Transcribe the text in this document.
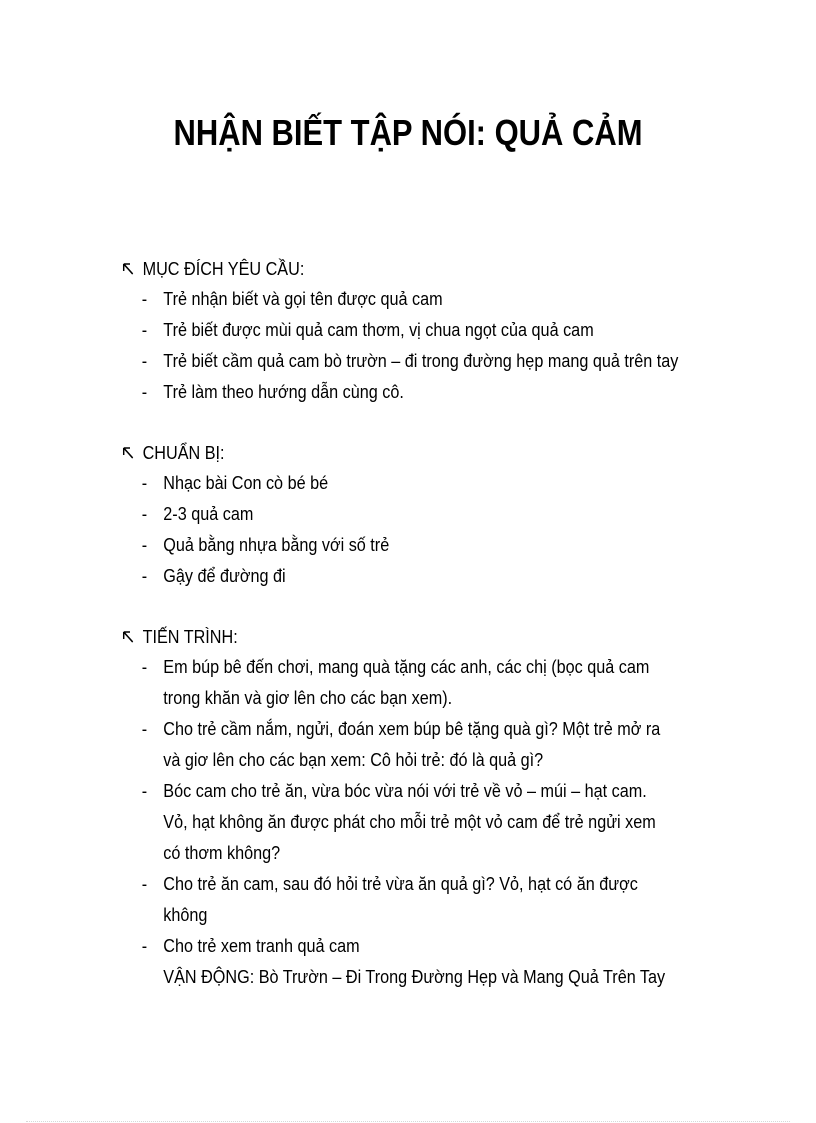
NHẬN BIẾT TẬP NÓI: QUẢ CẢM
MỤC ĐÍCH YÊU CẦU:
- Trẻ nhận biết và gọi tên được quả cam
- Trẻ biết được mùi quả cam thơm, vị chua ngọt của quả cam
- Trẻ biết cầm quả cam bò trườn – đi trong đường hẹp mang quả trên tay
- Trẻ làm theo hướng dẫn cùng cô.
CHUẨN BỊ:
- Nhạc bài Con cò bé bé
- 2-3 quả cam
- Quả bằng nhựa bằng với số trẻ
- Gậy để đường đi
TIẾN TRÌNH:
- Em búp bê đến chơi, mang quà tặng các anh, các chị (bọc quả cam
trong khăn và giơ lên cho các bạn xem).
- Cho trẻ cầm nắm, ngửi, đoán xem búp bê tặng quà gì? Một trẻ mở ra
và giơ lên cho các bạn xem: Cô hỏi trẻ: đó là quả gì?
- Bóc cam cho trẻ ăn, vừa bóc vừa nói với trẻ về vỏ – múi – hạt cam.
Vỏ, hạt không ăn được phát cho mỗi trẻ một vỏ cam để trẻ ngửi xem
có thơm không?
- Cho trẻ ăn cam, sau đó hỏi trẻ vừa ăn quả gì? Vỏ, hạt có ăn được
không
- Cho trẻ xem tranh quả cam
VẬN ĐỘNG: Bò Trườn – Đi Trong Đường Hẹp và Mang Quả Trên Tay
